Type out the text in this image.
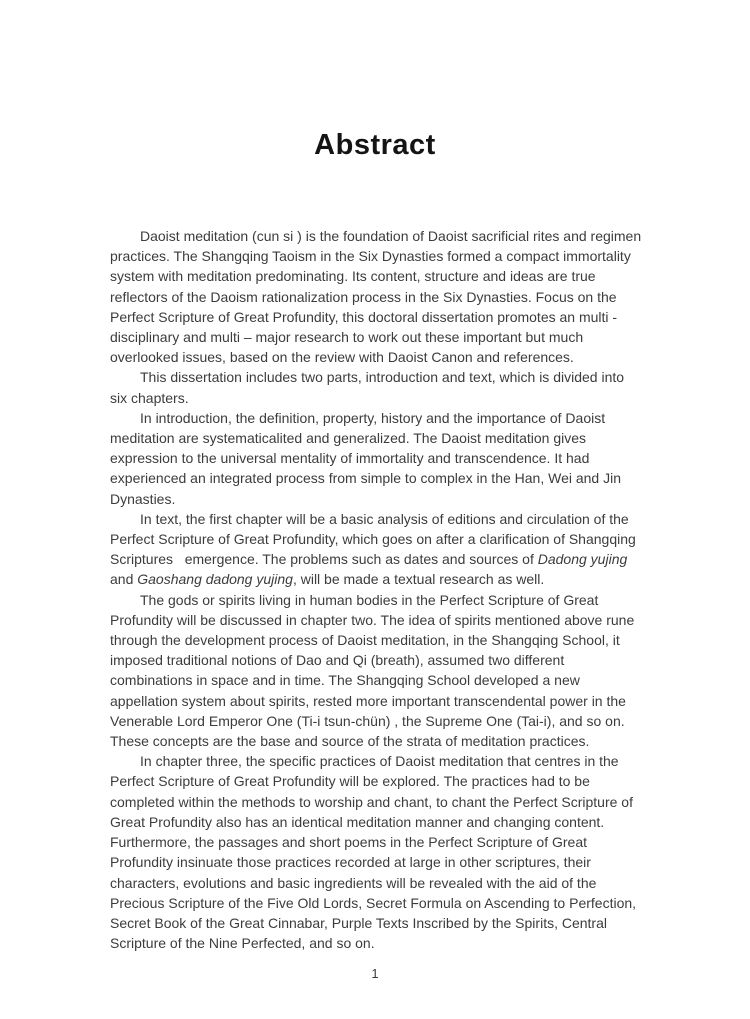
Abstract

Daoist meditation (cun si ) is the foundation of Daoist sacrificial rites and regimen practices. The Shangqing Taoism in the Six Dynasties formed a compact immortality system with meditation predominating. Its content, structure and ideas are true reflectors of the Daoism rationalization process in the Six Dynasties. Focus on the Perfect Scripture of Great Profundity, this doctoral dissertation promotes an multi - disciplinary and multi – major research to work out these important but much overlooked issues, based on the review with Daoist Canon and references.

This dissertation includes two parts, introduction and text, which is divided into six chapters.

In introduction, the definition, property, history and the importance of Daoist meditation are systematicalited and generalized. The Daoist meditation gives expression to the universal mentality of immortality and transcendence. It had experienced an integrated process from simple to complex in the Han, Wei and Jin Dynasties.

In text, the first chapter will be a basic analysis of editions and circulation of the Perfect Scripture of Great Profundity, which goes on after a clarification of Shangqing Scriptures   emergence. The problems such as dates and sources of Dadong yujing and Gaoshang dadong yujing, will be made a textual research as well.

The gods or spirits living in human bodies in the Perfect Scripture of Great Profundity will be discussed in chapter two. The idea of spirits mentioned above rune through the development process of Daoist meditation, in the Shangqing School, it imposed traditional notions of Dao and Qi (breath), assumed two different combinations in space and in time. The Shangqing School developed a new appellation system about spirits, rested more important transcendental power in the Venerable Lord Emperor One (Ti-i tsun-chün) , the Supreme One (Tai-i), and so on. These concepts are the base and source of the strata of meditation practices.

In chapter three, the specific practices of Daoist meditation that centres in the Perfect Scripture of Great Profundity will be explored. The practices had to be completed within the methods to worship and chant, to chant the Perfect Scripture of Great Profundity also has an identical meditation manner and changing content. Furthermore, the passages and short poems in the Perfect Scripture of Great Profundity insinuate those practices recorded at large in other scriptures, their characters, evolutions and basic ingredients will be revealed with the aid of the Precious Scripture of the Five Old Lords, Secret Formula on Ascending to Perfection, Secret Book of the Great Cinnabar, Purple Texts Inscribed by the Spirits, Central Scripture of the Nine Perfected, and so on.

1
